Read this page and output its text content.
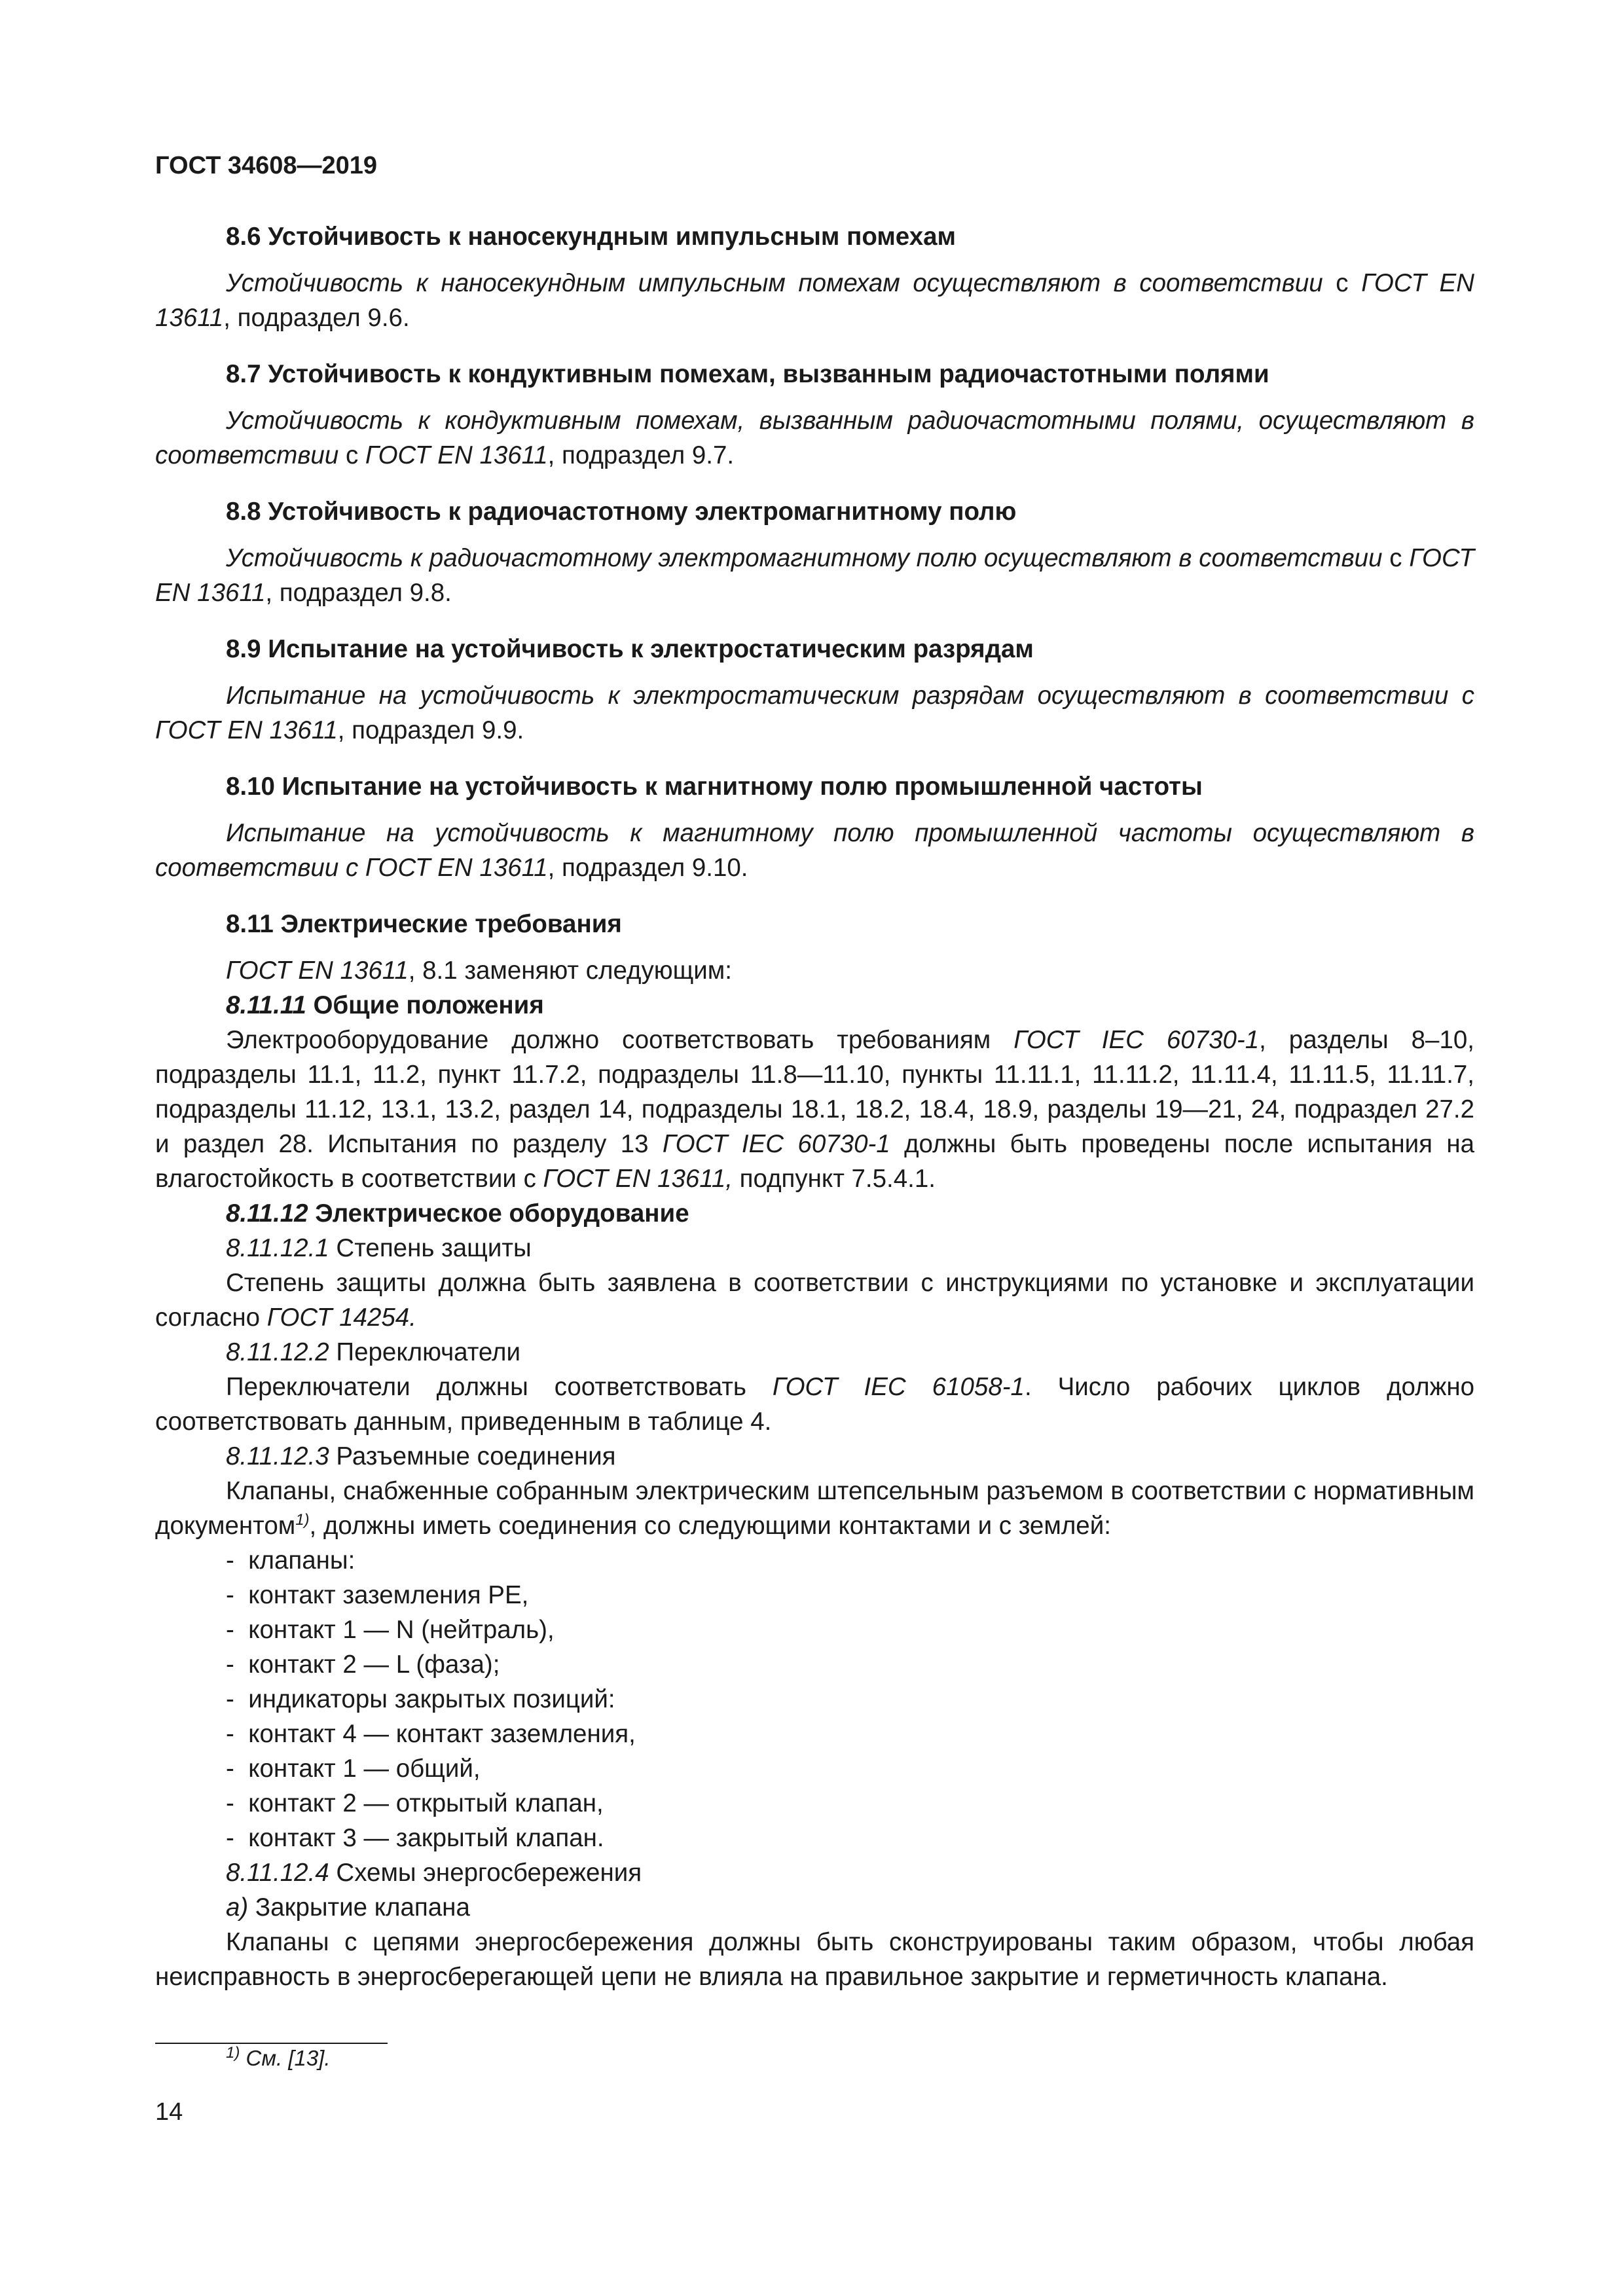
ГОСТ 34608—2019
8.6 Устойчивость к наносекундным импульсным помехам

Устойчивость к наносекундным импульсным помехам осуществляют в соответствии с ГОСТ EN 13611, подраздел 9.6.

8.7 Устойчивость к кондуктивным помехам, вызванным радиочастотными полями

Устойчивость к кондуктивным помехам, вызванным радиочастотными полями, осуществляют в соответствии с ГОСТ EN 13611, подраздел 9.7.

8.8 Устойчивость к радиочастотному электромагнитному полю

Устойчивость к радиочастотному электромагнитному полю осуществляют в соответствии с ГОСТ EN 13611, подраздел 9.8.

8.9 Испытание на устойчивость к электростатическим разрядам

Испытание на устойчивость к электростатическим разрядам осуществляют в соответствии с ГОСТ EN 13611, подраздел 9.9.

8.10 Испытание на устойчивость к магнитному полю промышленной частоты

Испытание на устойчивость к магнитному полю промышленной частоты осуществляют в соответствии с ГОСТ EN 13611, подраздел 9.10.

8.11 Электрические требования

ГОСТ EN 13611, 8.1 заменяют следующим:

8.11.11 Общие положения

Электрооборудование должно соответствовать требованиям ГОСТ IEC 60730-1, разделы 8–10, подразделы 11.1, 11.2, пункт 11.7.2, подразделы 11.8—11.10, пункты 11.11.1, 11.11.2, 11.11.4, 11.11.5, 11.11.7, подразделы 11.12, 13.1, 13.2, раздел 14, подразделы 18.1, 18.2, 18.4, 18.9, разделы 19—21, 24, подраздел 27.2 и раздел 28. Испытания по разделу 13 ГОСТ IEC 60730-1 должны быть проведены после испытания на влагостойкость в соответствии с ГОСТ EN 13611, подпункт 7.5.4.1.

8.11.12 Электрическое оборудование

8.11.12.1 Степень защиты

Степень защиты должна быть заявлена в соответствии с инструкциями по установке и эксплуатации согласно ГОСТ 14254.

8.11.12.2 Переключатели

Переключатели должны соответствовать ГОСТ IEC 61058-1. Число рабочих циклов должно соответствовать данным, приведенным в таблице 4.

8.11.12.3 Разъемные соединения

Клапаны, снабженные собранным электрическим штепсельным разъемом в соответствии с нормативным документом$^{1)}$, должны иметь соединения со следующими контактами и с землей:

-  клапаны:

-  контакт заземления PE,

-  контакт 1 — N (нейтраль),

-  контакт 2 — L (фаза);

-  индикаторы закрытых позиций:

-  контакт 4 — контакт заземления,

-  контакт 1 — общий,

-  контакт 2 — открытый клапан,

-  контакт 3 — закрытый клапан.

8.11.12.4 Схемы энергосбережения

а) Закрытие клапана

Клапаны с цепями энергосбережения должны быть сконструированы таким образом, чтобы любая неисправность в энергосберегающей цепи не влияла на правильное закрытие и герметичность клапана.

$^{1)}$ См. [13].
14
